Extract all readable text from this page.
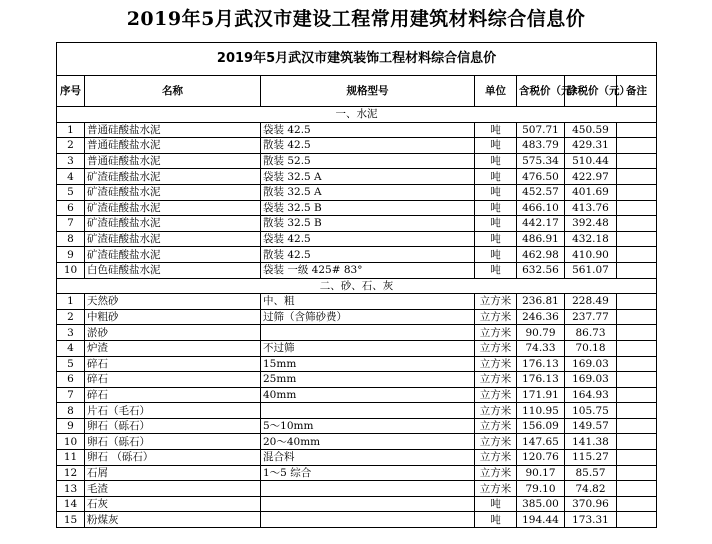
2019年5月武汉市建设工程常用建筑材料综合信息价
2019年5月武汉市建筑装饰工程材料综合信息价						
序号	名称	规格型号	单位	含税价（元）	除税价（元）	备注
一、水泥						
1	普通硅酸盐水泥	袋装 42.5	吨	507.71	450.59	
2	普通硅酸盐水泥	散装 42.5	吨	483.79	429.31	
3	普通硅酸盐水泥	散装 52.5	吨	575.34	510.44	
4	矿渣硅酸盐水泥	袋装 32.5 A	吨	476.50	422.97	
5	矿渣硅酸盐水泥	散装 32.5 A	吨	452.57	401.69	
6	矿渣硅酸盐水泥	袋装 32.5 B	吨	466.10	413.76	
7	矿渣硅酸盐水泥	散装 32.5 B	吨	442.17	392.48	
8	矿渣硅酸盐水泥	袋装 42.5	吨	486.91	432.18	
9	矿渣硅酸盐水泥	散装 42.5	吨	462.98	410.90	
10	白色硅酸盐水泥	袋装 一级 425# 83°	吨	632.56	561.07	
二、砂、石、灰						
1	天然砂	中、粗	立方米	236.81	228.49	
2	中粗砂	过筛（含筛砂费）	立方米	246.36	237.77	
3	淤砂		立方米	90.79	86.73	
4	炉渣	不过筛	立方米	74.33	70.18	
5	碎石	15mm	立方米	176.13	169.03	
6	碎石	25mm	立方米	176.13	169.03	
7	碎石	40mm	立方米	171.91	164.93	
8	片石（毛石）		立方米	110.95	105.75	
9	卵石（砾石）	5～10mm	立方米	156.09	149.57	
10	卵石（砾石）	20～40mm	立方米	147.65	141.38	
11	卵石 （砾石）	混合料	立方米	120.76	115.27	
12	石屑	1～5 综合	立方米	90.17	85.57	
13	毛渣		立方米	79.10	74.82	
14	石灰		吨	385.00	370.96	
15	粉煤灰		吨	194.44	173.31	
